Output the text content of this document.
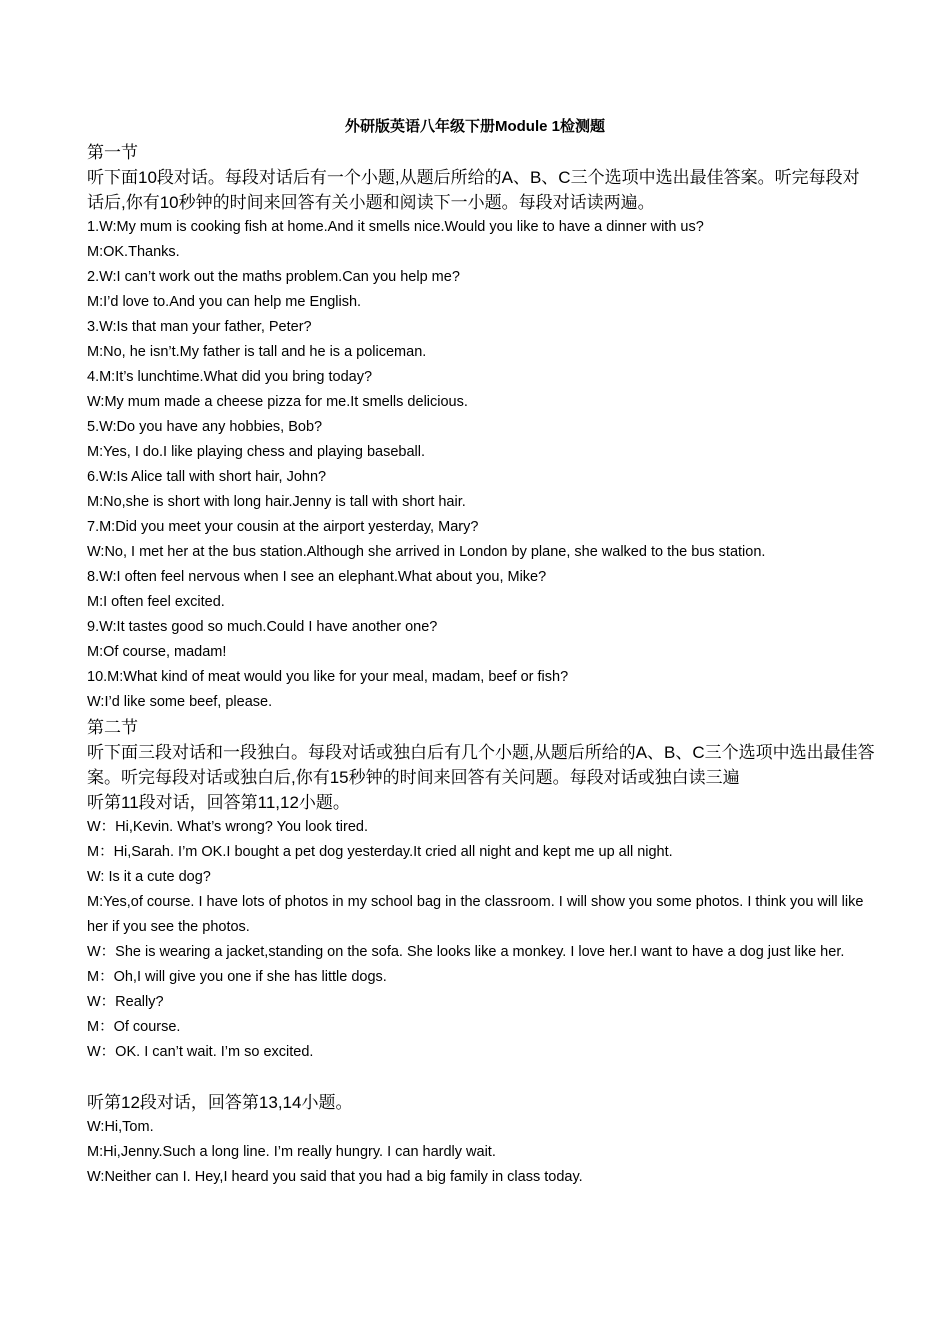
外研版英语八年级下册Module 1检测题
第一节
听下面10段对话。每段对话后有一个小题,从题后所给的A、B、C三个选项中选出最佳答案。听完每段对
话后,你有10秒钟的时间来回答有关小题和阅读下一小题。每段对话读两遍。
1.W:My mum is cooking fish at home.And it smells nice.Would you like to have a dinner with us?
M:OK.Thanks.
2.W:I can’t work out the maths problem.Can you help me?
M:I’d love to.And you can help me English.
3.W:Is that man your father, Peter?
M:No, he isn’t.My father is tall and he is a policeman.
4.M:It’s lunchtime.What did you bring today?
W:My mum made a cheese pizza for me.It smells delicious.
5.W:Do you have any hobbies, Bob?
M:Yes, I do.I like playing chess and playing baseball.
6.W:Is Alice tall with short hair, John?
M:No,she is short with long hair.Jenny is tall with short hair.
7.M:Did you meet your cousin at the airport yesterday, Mary?
W:No, I met her at the bus station.Although she arrived in London by plane, she walked to the bus station.
8.W:I often feel nervous when I see an elephant.What about you, Mike?
M:I often feel excited.
9.W:It tastes good so much.Could I have another one?
M:Of course, madam!
10.M:What kind of meat would you like for your meal, madam, beef or fish?
W:I’d like some beef, please.
第二节
听下面三段对话和一段独白。每段对话或独白后有几个小题,从题后所给的A、B、C三个选项中选出最佳答
案。听完每段对话或独白后,你有15秒钟的时间来回答有关问题。每段对话或独白读三遍
听第11段对话，回答第11,12小题。
W：Hi,Kevin. What’s wrong? You look tired.
M：Hi,Sarah. I’m OK.I bought a pet dog yesterday.It cried all night and kept me up all night.
W: Is it a cute dog?
M:Yes,of course. I have lots of photos in my school bag in the classroom. I will show you some photos. I think you will like her if you see the photos.
W：She is wearing a jacket,standing on the sofa. She looks like a monkey. I love her.I want to have a dog just like her.
M：Oh,I will give you one if she has little dogs.
W：Really?
M：Of course.
W：OK. I can’t wait. I’m so excited.
听第12段对话，回答第13,14小题。
W:Hi,Tom.
M:Hi,Jenny.Such a long line. I’m really hungry. I can hardly wait.
W:Neither can I. Hey,I heard you said that you had a big family in class today.
